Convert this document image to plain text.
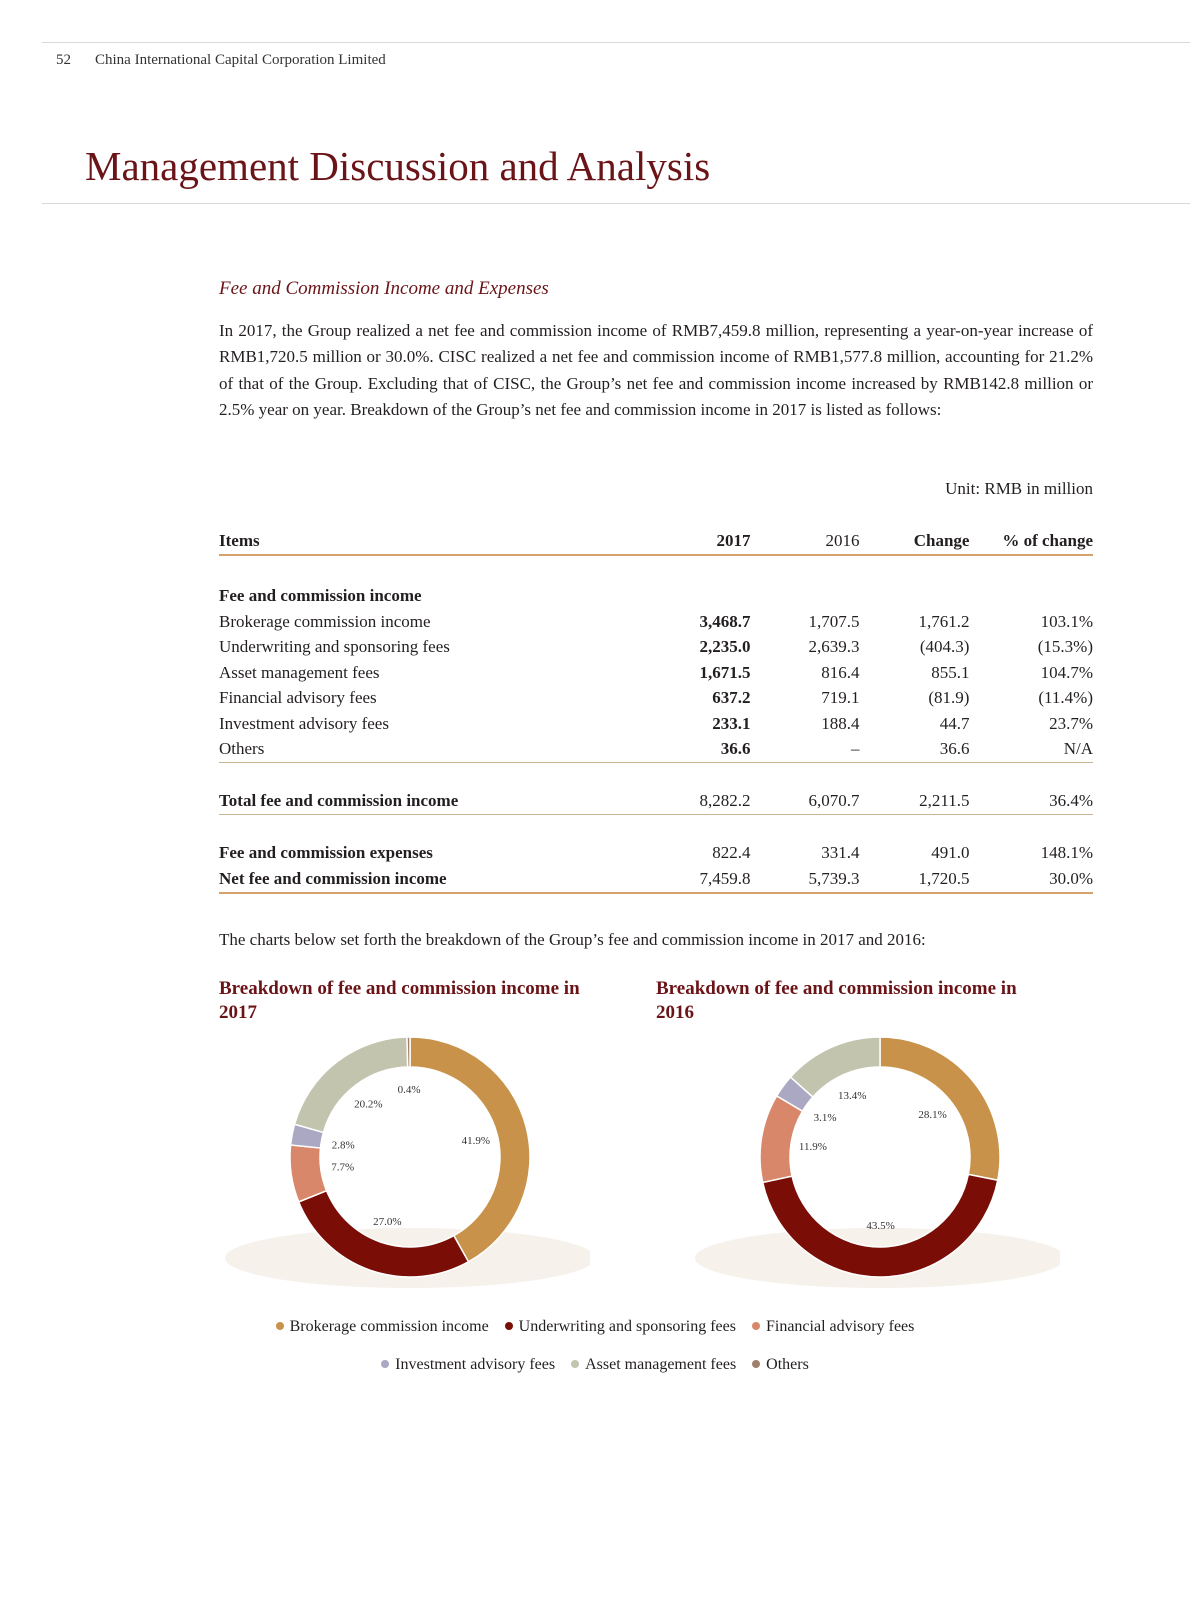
52 China International Capital Corporation Limited
Management Discussion and Analysis
Fee and Commission Income and Expenses

In 2017, the Group realized a net fee and commission income of RMB7,459.8 million, representing a year-on-year increase of RMB1,720.5 million or 30.0%. CISC realized a net fee and commission income of RMB1,577.8 million, accounting for 21.2% of that of the Group. Excluding that of CISC, the Group’s net fee and commission income increased by RMB142.8 million or 2.5% year on year. Breakdown of the Group’s net fee and commission income in 2017 is listed as follows:

Unit: RMB in million
Items	2017	2016	Change	% of change

Fee and commission income				
Brokerage commission income	3,468.7	1,707.5	1,761.2	103.1%
Underwriting and sponsoring fees	2,235.0	2,639.3	(404.3)	(15.3%)
Asset management fees	1,671.5	816.4	855.1	104.7%
Financial advisory fees	637.2	719.1	(81.9)	(11.4%)
Investment advisory fees	233.1	188.4	44.7	23.7%
Others	36.6	–	36.6	N/A

Total fee and commission income	8,282.2	6,070.7	2,211.5	36.4%

Fee and commission expenses	822.4	331.4	491.0	148.1%
Net fee and commission income	7,459.8	5,739.3	1,720.5	30.0%

The charts below set forth the breakdown of the Group’s fee and commission income in 2017 and 2016:

Breakdown of fee and commission income in 2017
Breakdown of fee and commission income in 2016
41.9%
27.0%
7.7%
2.8%
20.2%
0.4%
28.1%
43.5%
11.9%
3.1%
13.4%
Brokerage commission income Underwriting and sponsoring fees Financial advisory fees
Investment advisory fees Asset management fees Others
